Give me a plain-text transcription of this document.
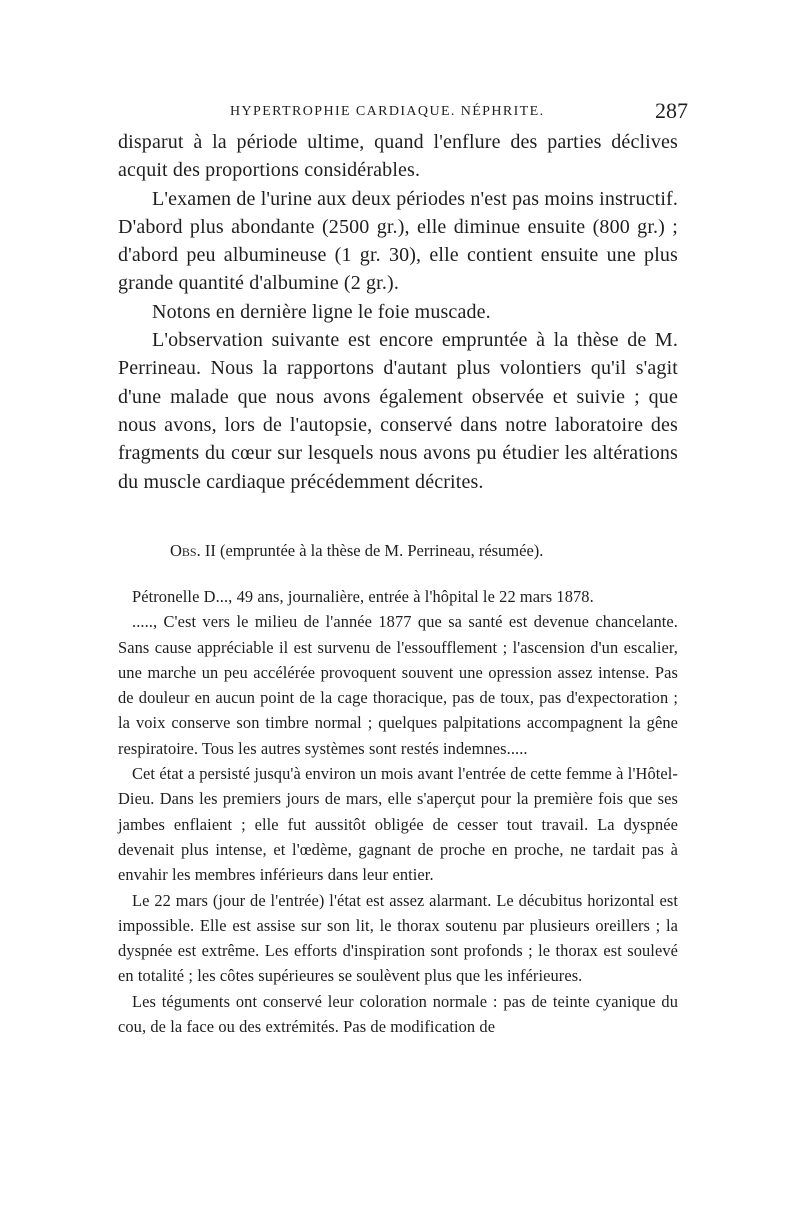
HYPERTROPHIE CARDIAQUE. NÉPHRITE.	287

disparut à la période ultime, quand l'enflure des parties déclives acquit des proportions considérables.

L'examen de l'urine aux deux périodes n'est pas moins instructif. D'abord plus abondante (2500 gr.), elle diminue ensuite (800 gr.) ; d'abord peu albumineuse (1 gr. 30), elle contient ensuite une plus grande quantité d'albumine (2 gr.).

Notons en dernière ligne le foie muscade.

L'observation suivante est encore empruntée à la thèse de M. Perrineau. Nous la rapportons d'autant plus volontiers qu'il s'agit d'une malade que nous avons également observée et suivie ; que nous avons, lors de l'autopsie, conservé dans notre laboratoire des fragments du cœur sur lesquels nous avons pu étudier les altérations du muscle cardiaque précédemment décrites.

Obs. II (empruntée à la thèse de M. Perrineau, résumée).

Pétronelle D..., 49 ans, journalière, entrée à l'hôpital le 22 mars 1878.

....., C'est vers le milieu de l'année 1877 que sa santé est devenue chancelante. Sans cause appréciable il est survenu de l'essoufflement ; l'ascension d'un escalier, une marche un peu accélérée provoquent souvent une opression assez intense. Pas de douleur en aucun point de la cage thoracique, pas de toux, pas d'expectoration ; la voix conserve son timbre normal ; quelques palpitations accompagnent la gêne respiratoire. Tous les autres systèmes sont restés indemnes.....

Cet état a persisté jusqu'à environ un mois avant l'entrée de cette femme à l'Hôtel-Dieu. Dans les premiers jours de mars, elle s'aperçut pour la première fois que ses jambes enflaient ; elle fut aussitôt obligée de cesser tout travail. La dyspnée devenait plus intense, et l'œdème, gagnant de proche en proche, ne tardait pas à envahir les membres inférieurs dans leur entier.

Le 22 mars (jour de l'entrée) l'état est assez alarmant. Le décubitus horizontal est impossible. Elle est assise sur son lit, le thorax soutenu par plusieurs oreillers ; la dyspnée est extrême. Les efforts d'inspiration sont profonds ; le thorax est soulevé en totalité ; les côtes supérieures se soulèvent plus que les inférieures.

Les téguments ont conservé leur coloration normale : pas de teinte cyanique du cou, de la face ou des extrémités. Pas de modification de
